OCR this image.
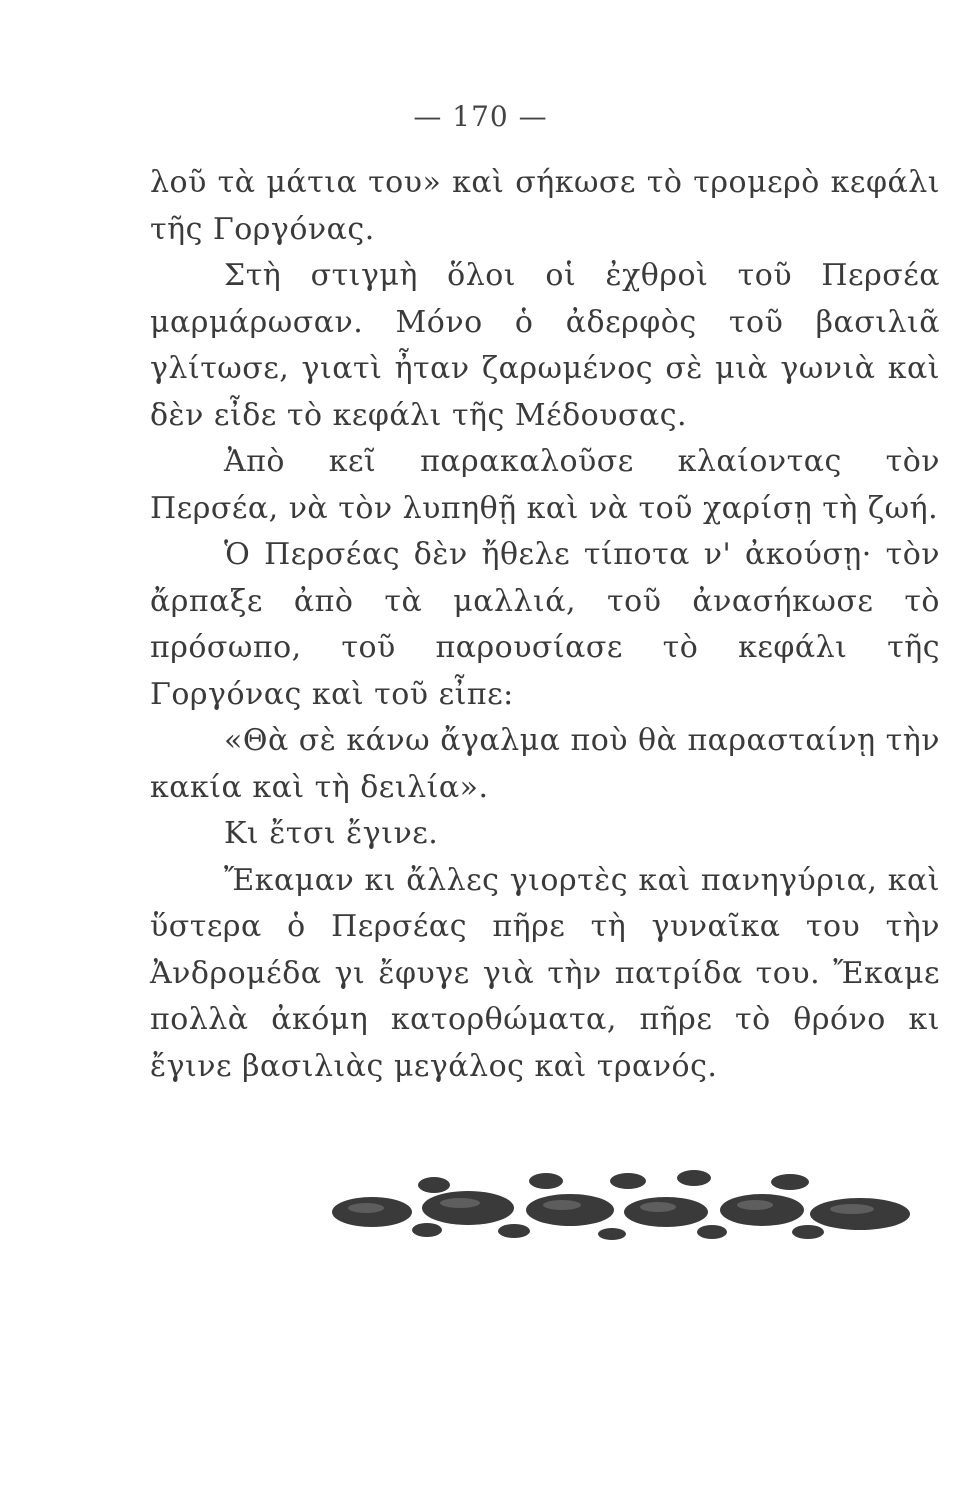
— 170 —

λοῦ τὰ μάτια του» καὶ σήκωσε τὸ τρομερὸ κεφάλι τῆς Γοργόνας.

Στὴ στιγμὴ ὅλοι οἱ ἐχθροὶ τοῦ Περσέα μαρμάρωσαν. Μόνο ὁ ἀδερφὸς τοῦ βασιλιᾶ γλίτωσε, γιατὶ ἦταν ζαρωμένος σὲ μιὰ γωνιὰ καὶ δὲν εἶδε τὸ κεφάλι τῆς Μέδουσας.

Ἀπὸ κεῖ παρακαλοῦσε κλαίοντας τὸν Περσέα, νὰ τὸν λυπηθῇ καὶ νὰ τοῦ χαρίσῃ τὴ ζωή.

Ὁ Περσέας δὲν ἤθελε τίποτα ν' ἀκούσῃ· τὸν ἄρπαξε ἀπὸ τὰ μαλλιά, τοῦ ἀνασήκωσε τὸ πρόσωπο, τοῦ παρουσίασε τὸ κεφάλι τῆς Γοργόνας καὶ τοῦ εἶπε:

«Θὰ σὲ κάνω ἄγαλμα ποὺ θὰ παρασταίνῃ τὴν κακία καὶ τὴ δειλία».

Κι ἔτσι ἔγινε.

Ἔκαμαν κι ἄλλες γιορτὲς καὶ πανηγύρια, καὶ ὕστερα ὁ Περσέας πῆρε τὴ γυναῖκα του τὴν Ἀνδρομέδα γι ἔφυγε γιὰ τὴν πατρίδα του. Ἔκαμε πολλὰ ἀκόμη κατορθώματα, πῆρε τὸ θρόνο κι ἔγινε βασιλιὰς μεγάλος καὶ τρανός.
